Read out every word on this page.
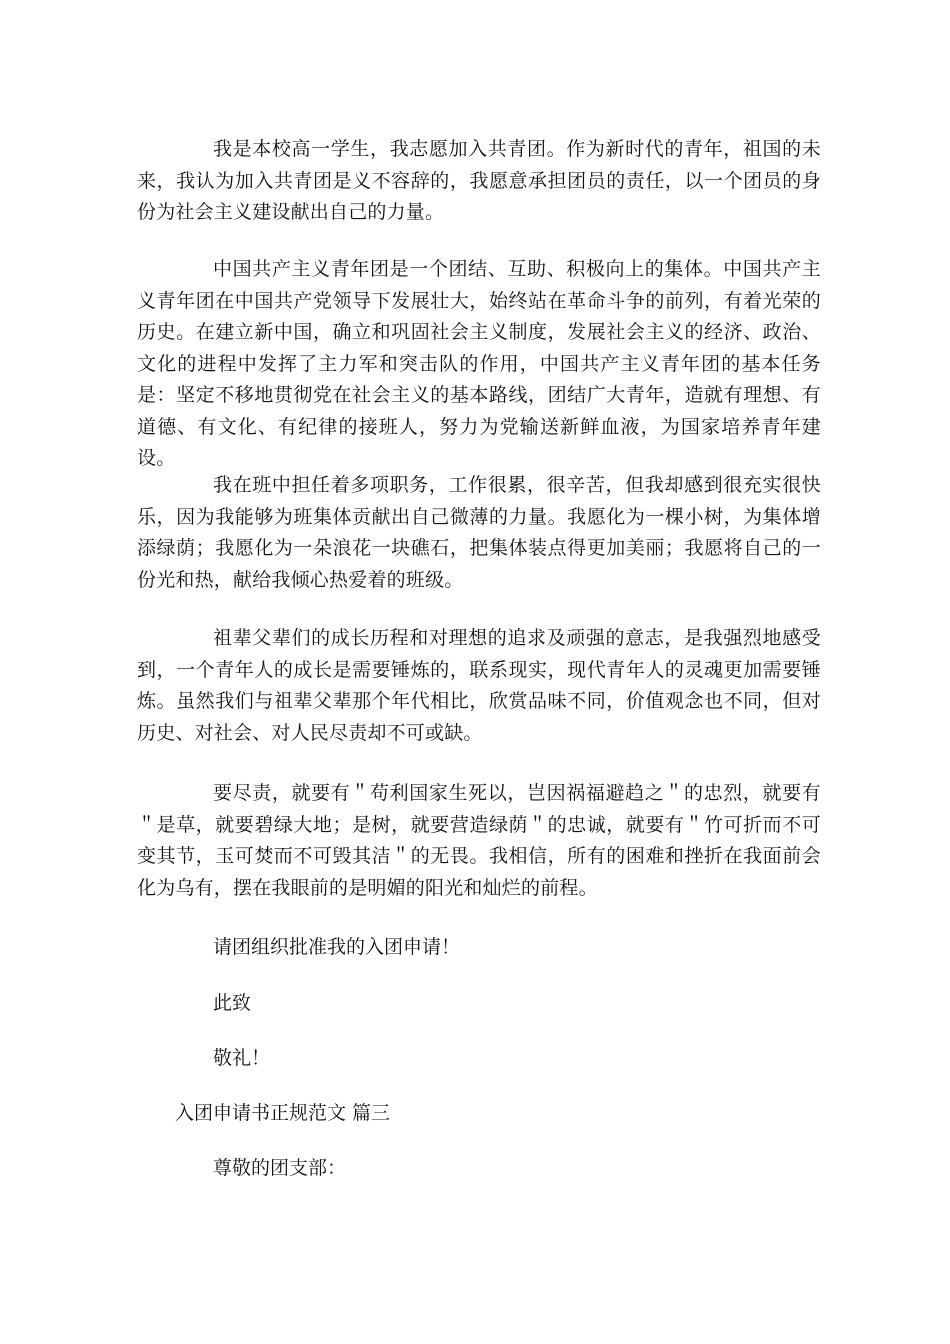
我是本校高一学生，我志愿加入共青团。作为新时代的青年，祖国的未来，我认为加入共青团是义不容辞的，我愿意承担团员的责任，以一个团员的身份为社会主义建设献出自己的力量。

中国共产主义青年团是一个团结、互助、积极向上的集体。中国共产主义青年团在中国共产党领导下发展壮大，始终站在革命斗争的前列，有着光荣的历史。在建立新中国，确立和巩固社会主义制度，发展社会主义的经济、政治、文化的进程中发挥了主力军和突击队的作用，中国共产主义青年团的基本任务是：坚定不移地贯彻党在社会主义的基本路线，团结广大青年，造就有理想、有道德、有文化、有纪律的接班人，努力为党输送新鲜血液，为国家培养青年建设。

我在班中担任着多项职务，工作很累，很辛苦，但我却感到很充实很快乐，因为我能够为班集体贡献出自己微薄的力量。我愿化为一棵小树，为集体增添绿荫；我愿化为一朵浪花一块礁石，把集体装点得更加美丽；我愿将自己的一份光和热，献给我倾心热爱着的班级。

祖辈父辈们的成长历程和对理想的追求及顽强的意志，是我强烈地感受到，一个青年人的成长是需要锤炼的，联系现实，现代青年人的灵魂更加需要锤炼。虽然我们与祖辈父辈那个年代相比，欣赏品味不同，价值观念也不同，但对历史、对社会、对人民尽责却不可或缺。

要尽责，就要有＂苟利国家生死以，岂因祸福避趋之＂的忠烈，就要有＂是草，就要碧绿大地；是树，就要营造绿荫＂的忠诚，就要有＂竹可折而不可变其节，玉可焚而不可毁其洁＂的无畏。我相信，所有的困难和挫折在我面前会化为乌有，摆在我眼前的是明媚的阳光和灿烂的前程。

请团组织批准我的入团申请！

此致

敬礼！

入团申请书正规范文 篇三

尊敬的团支部：
